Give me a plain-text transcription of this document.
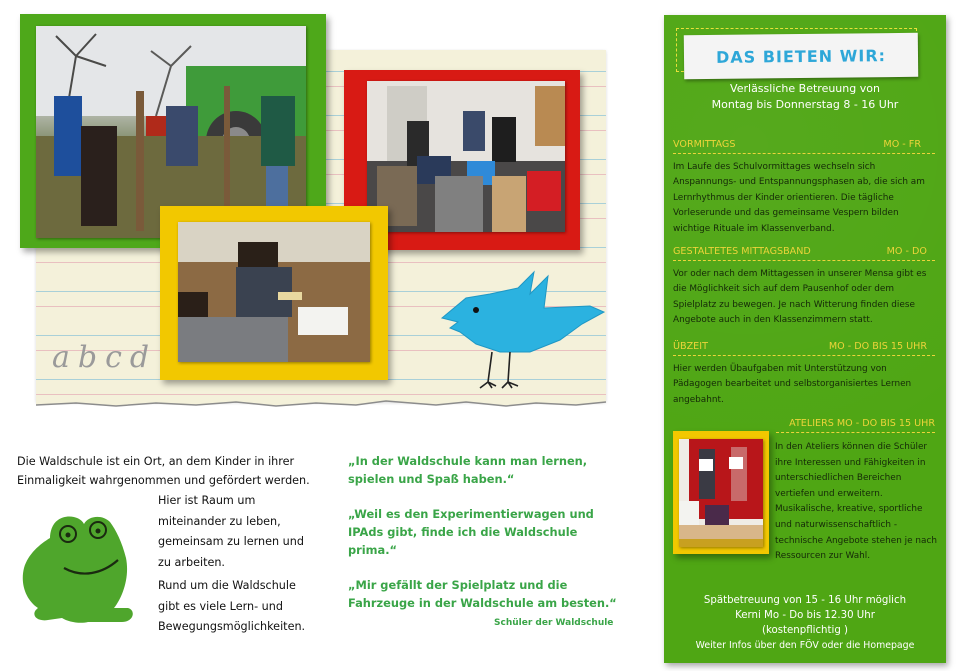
abcd

Die Waldschule ist ein Ort, an dem Kinder in ihrer Einmaligkeit wahrgenommen und gefördert werden.

Hier ist Raum um miteinander zu leben, gemeinsam zu lernen und zu arbeiten.

Rund um die Waldschule gibt es viele Lern- und Bewegungsmöglichkeiten.

„In der Waldschule kann man lernen, spielen und Spaß haben.“

„Weil es den Experimentierwagen und IPAds gibt, finde ich die Waldschule prima.“

„Mir gefällt der Spielplatz und die Fahrzeuge in der Waldschule am besten.“

Schüler der Waldschule
DAS BIETEN WIR:
Verlässliche Betreuung von
Montag bis Donnerstag 8 - 16 Uhr
VORMITTAGS	MO - FR

Im Laufe des Schulvormittages wechseln sich Anspannungs- und Entspannungsphasen ab, die sich am Lernrhythmus der Kinder orientieren. Die tägliche Vorleserunde und das gemeinsame Vespern bilden wichtige Rituale im Klassenverband.

GESTALTETES MITTAGSBAND	MO - DO

Vor oder nach dem Mittagessen in unserer Mensa gibt es die Möglichkeit sich auf dem Pausenhof oder dem Spielplatz zu bewegen. Je nach Witterung finden diese Angebote auch in den Klassenzimmern statt.

ÜBZEIT	MO - DO BIS 15 UHR

Hier werden Übaufgaben mit Unterstützung von Pädagogen bearbeitet und selbstorganisiertes Lernen angebahnt.

ATELIERS MO - DO BIS 15 UHR

In den Ateliers können die Schüler ihre Interessen und Fähigkeiten in unterschiedlichen Bereichen vertiefen und erweitern. Musikalische, kreative, sportliche und naturwissenschaftlich - technische Angebote stehen je nach Ressourcen zur Wahl.

Spätbetreuung von 15 - 16 Uhr möglich
Kerni Mo - Do bis 12.30 Uhr
(kostenpflichtig )
Weiter Infos über den FÖV oder die Homepage
